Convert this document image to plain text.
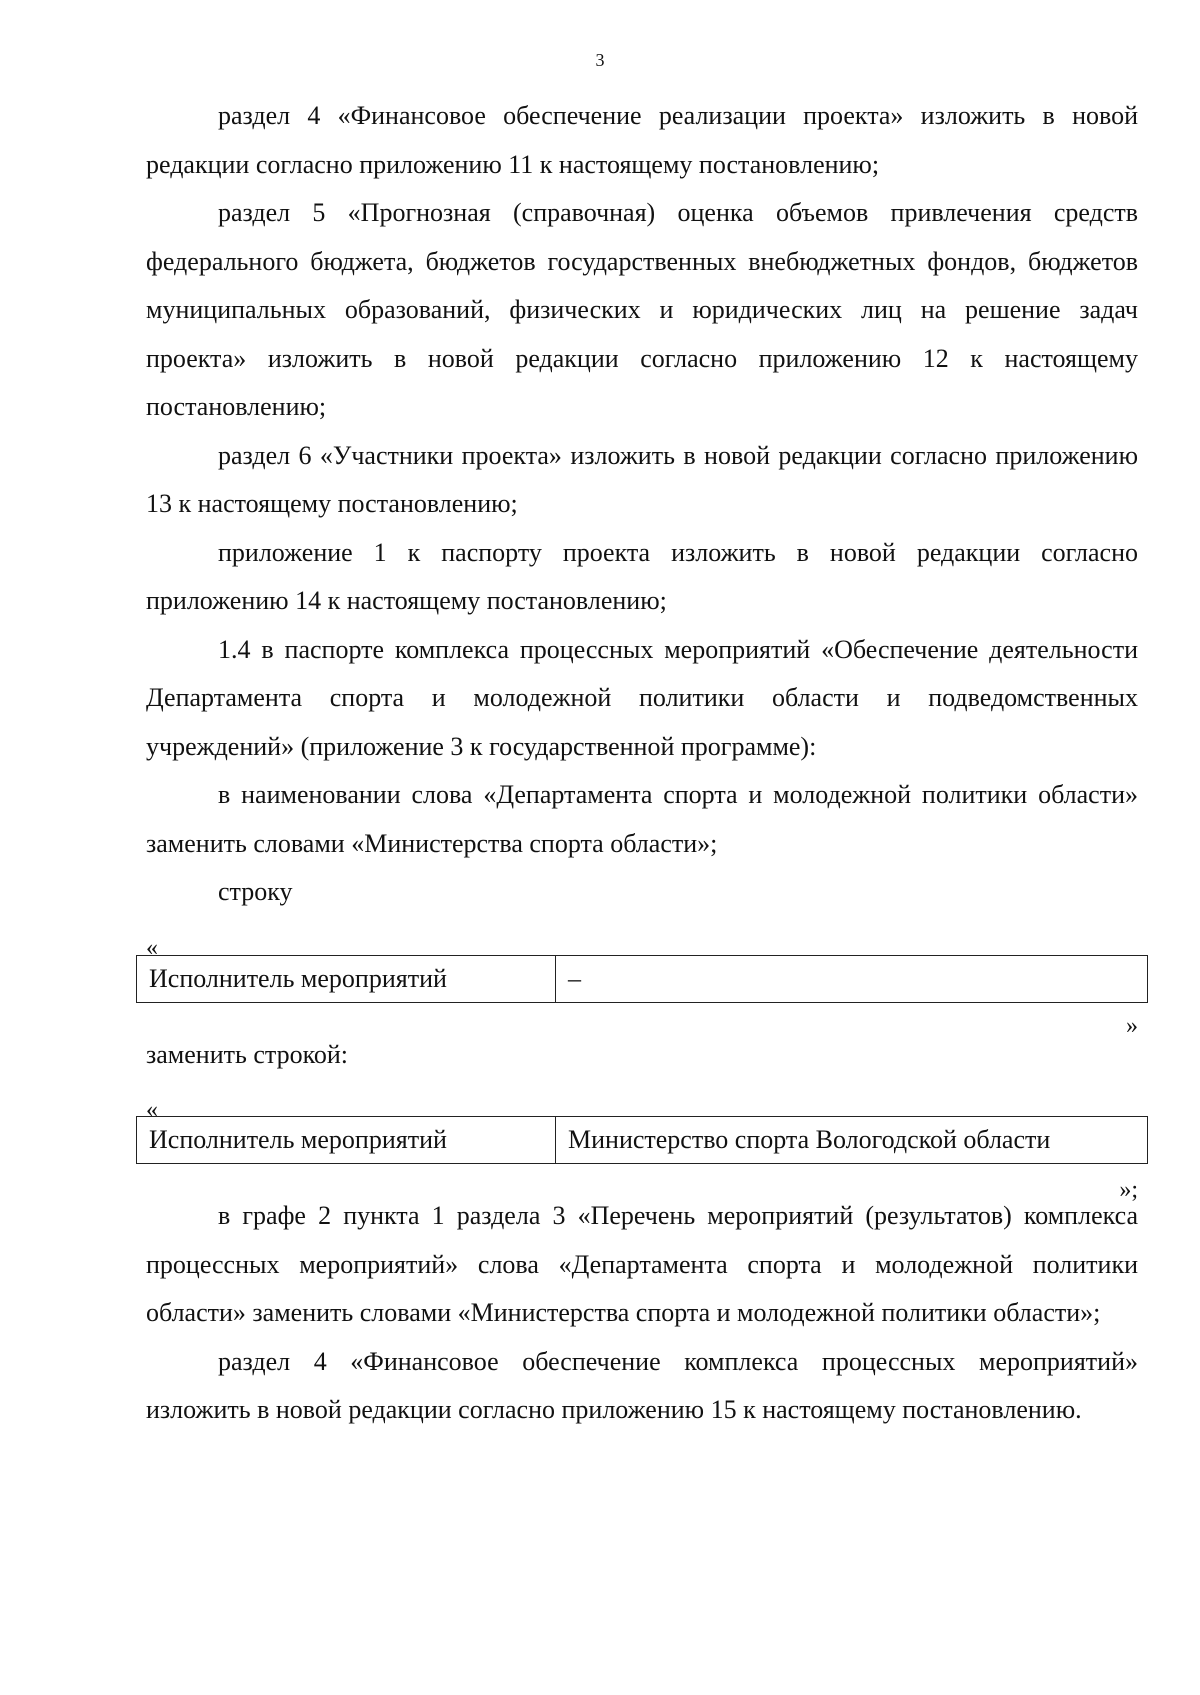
3

раздел 4 «Финансовое обеспечение реализации проекта» изложить в новой редакции согласно приложению 11 к настоящему постановлению;

раздел 5 «Прогнозная (справочная) оценка объемов привлечения средств федерального бюджета, бюджетов государственных внебюджетных фондов, бюджетов муниципальных образований, физических и юридических лиц на решение задач проекта» изложить в новой редакции согласно приложению 12 к настоящему постановлению;

раздел 6 «Участники проекта» изложить в новой редакции согласно приложению 13 к настоящему постановлению;

приложение 1 к паспорту проекта изложить в новой редакции согласно приложению 14 к настоящему постановлению;

1.4 в паспорте комплекса процессных мероприятий «Обеспечение деятельности Департамента спорта и молодежной политики области и подведомственных учреждений» (приложение 3 к государственной программе):

в наименовании слова «Департамента спорта и молодежной политики области» заменить словами «Министерства спорта области»;

строку

«
Исполнитель мероприятий	–
»
заменить строкой:
«
Исполнитель мероприятий	Министерство спорта Вологодской области
»;

в графе 2 пункта 1 раздела 3 «Перечень мероприятий (результатов) комплекса процессных мероприятий» слова «Департамента спорта и молодежной политики области» заменить словами «Министерства спорта и молодежной политики области»;

раздел 4 «Финансовое обеспечение комплекса процессных мероприятий» изложить в новой редакции согласно приложению 15 к настоящему постановлению.
